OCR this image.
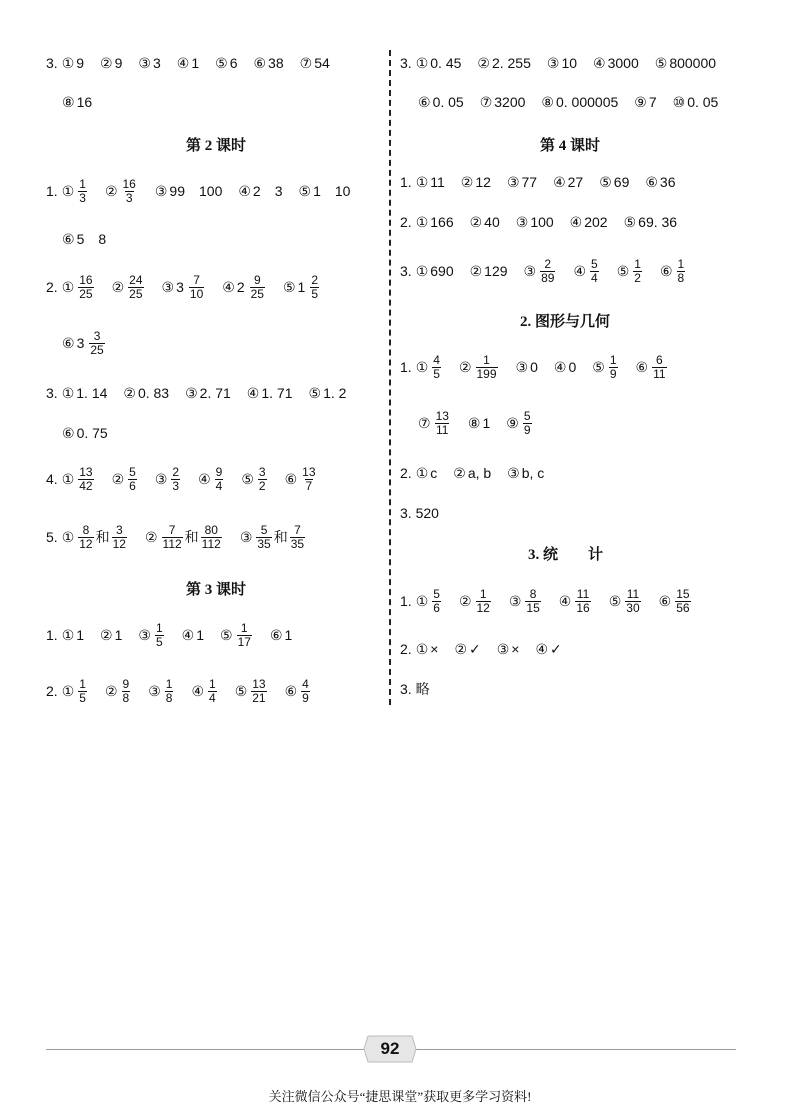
3. ① 9 ② 9 ③ 3 ④ 1 ⑤ 6 ⑥ 38 ⑦ 54
⑧ 16
第 2 课时
1. ① $\frac{1}{3}$ ② $\frac{16}{3}$ ③ 99　100 ④ 2　3 ⑤ 1　10
⑥ 5　8
2. ① $\frac{16}{25}$ ② $\frac{24}{25}$ ③ $3 \frac{7}{10}$ ④ $2 \frac{9}{25}$ ⑤ $1 \frac{2}{5}$
⑥ $3 \frac{3}{25}$
3. ① 1. 14 ② 0. 83 ③ 2. 71 ④ 1. 71 ⑤ 1. 2
⑥ 0. 75
4. ① $\frac{13}{42}$ ② $\frac{5}{6}$ ③ $\frac{2}{3}$ ④ $\frac{9}{4}$ ⑤ $\frac{3}{2}$ ⑥ $\frac{13}{7}$
5. ① $\frac{8}{12}$ 和 $\frac{3}{12}$ ② $\frac{7}{112}$ 和 $\frac{80}{112}$ ③ $\frac{5}{35}$ 和 $\frac{7}{35}$
第 3 课时
1. ① 1 ② 1 ③ $\frac{1}{5}$ ④ 1 ⑤ $\frac{1}{17}$ ⑥ 1
2. ① $\frac{1}{5}$ ② $\frac{9}{8}$ ③ $\frac{1}{8}$ ④ $\frac{1}{4}$ ⑤ $\frac{13}{21}$ ⑥ $\frac{4}{9}$
3. ① 0. 45 ② 2. 255 ③ 10 ④ 3000 ⑤ 800000
⑥ 0. 05 ⑦ 3200 ⑧ 0. 000005 ⑨ 7 ⑩ 0. 05
第 4 课时
1. ① 11 ② 12 ③ 77 ④ 27 ⑤ 69 ⑥ 36
2. ① 166 ② 40 ③ 100 ④ 202 ⑤ 69. 36
3. ① 690 ② 129 ③ $\frac{2}{89}$ ④ $\frac{5}{4}$ ⑤ $\frac{1}{2}$ ⑥ $\frac{1}{8}$
2. 图形与几何
1. ① $\frac{4}{5}$ ② $\frac{1}{199}$ ③ 0 ④ 0 ⑤ $\frac{1}{9}$ ⑥ $\frac{6}{11}$
⑦ $\frac{13}{11}$ ⑧ 1 ⑨ $\frac{5}{9}$
2. ① c ② a, b ③ b, c
3. 520
3. 统　　计
1. ① $\frac{5}{6}$ ② $\frac{1}{12}$ ③ $\frac{8}{15}$ ④ $\frac{11}{16}$ ⑤ $\frac{11}{30}$ ⑥ $\frac{15}{56}$
2. ① × ② ✓ ③ × ④ ✓
3. 略
92
关注微信公众号“捷思课堂”获取更多学习资料!
